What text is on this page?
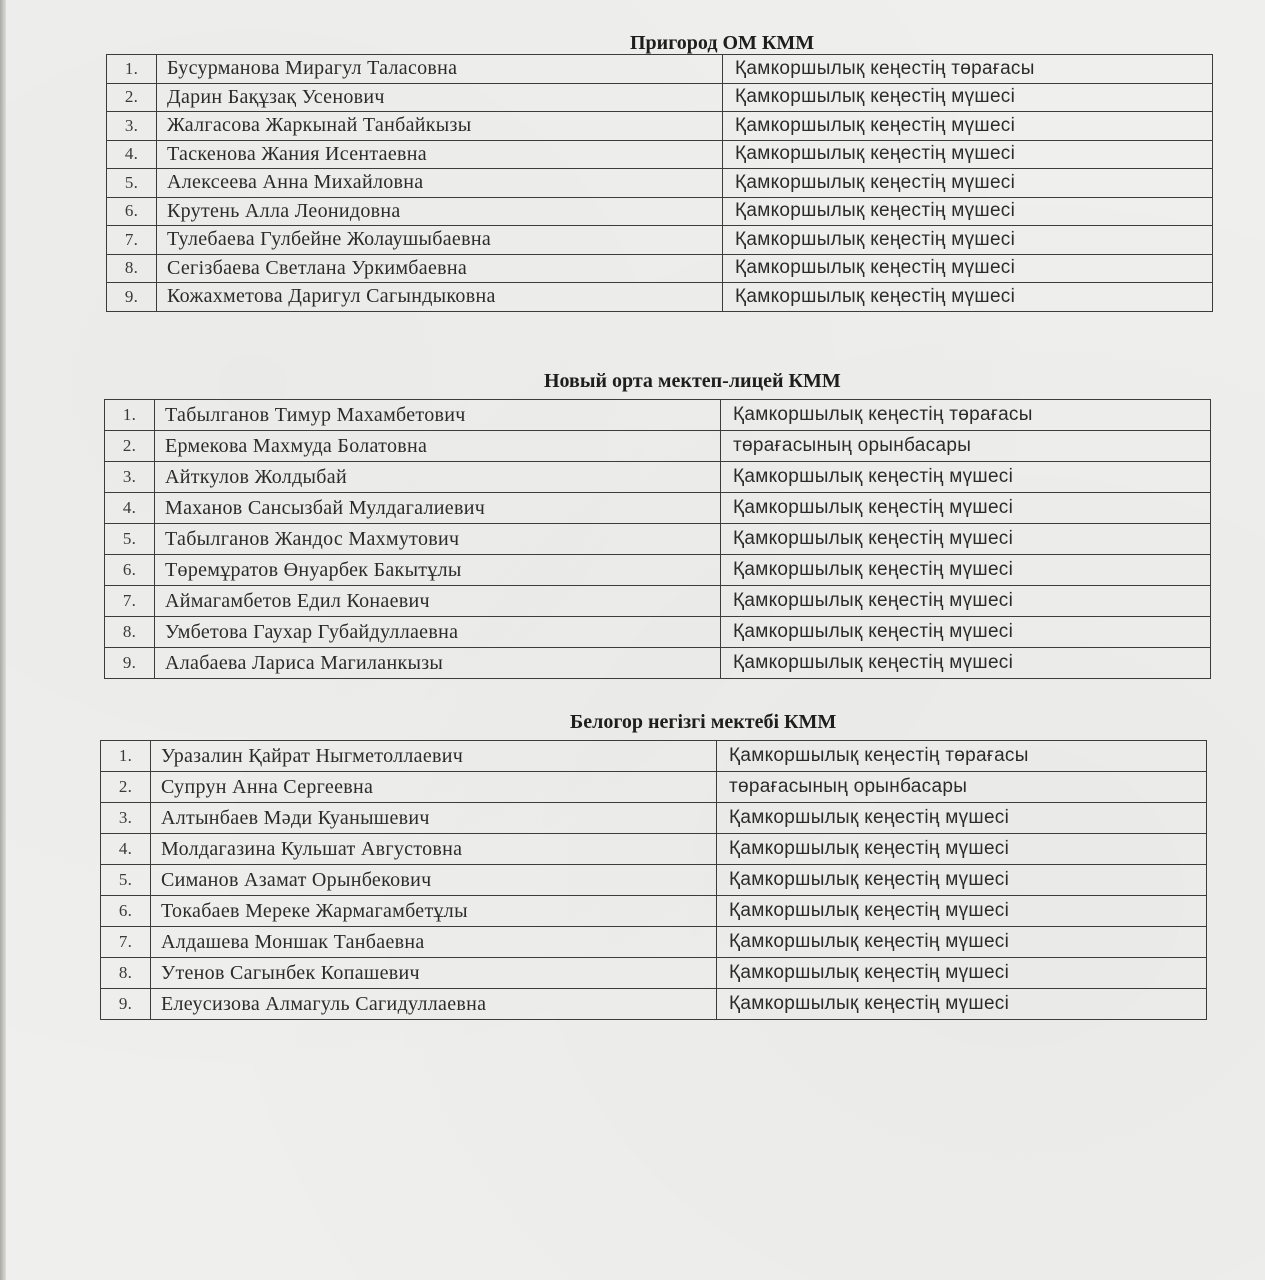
Пригород ОМ КММ
1.	Бусурманова Мирагул Таласовна	Қамкоршылық кеңестің төрағасы
2.	Дарин Бақұзақ Усенович	Қамкоршылық кеңестің мүшесі
3.	Жалгасова Жаркынай Танбайкызы	Қамкоршылық кеңестің мүшесі
4.	Таскенова Жания Исентаевна	Қамкоршылық кеңестің мүшесі
5.	Алексеева Анна Михайловна	Қамкоршылық кеңестің мүшесі
6.	Крутень Алла Леонидовна	Қамкоршылық кеңестің мүшесі
7.	Тулебаева Гулбейне Жолаушыбаевна	Қамкоршылық кеңестің мүшесі
8.	Сегізбаева Светлана Уркимбаевна	Қамкоршылық кеңестің мүшесі
9.	Кожахметова Даригул Сагындыковна	Қамкоршылық кеңестің мүшесі
Новый орта мектеп-лицей КММ
1.	Табылганов Тимур Махамбетович	Қамкоршылық кеңестің төрағасы
2.	Ермекова Махмуда Болатовна	төрағасының орынбасары
3.	Айткулов Жолдыбай	Қамкоршылық кеңестің мүшесі
4.	Маханов Сансызбай Мулдагалиевич	Қамкоршылық кеңестің мүшесі
5.	Табылганов Жандос Махмутович	Қамкоршылық кеңестің мүшесі
6.	Төремұратов Өнуарбек Бакытұлы	Қамкоршылық кеңестің мүшесі
7.	Аймагамбетов Едил Конаевич	Қамкоршылық кеңестің мүшесі
8.	Умбетова Гаухар Губайдуллаевна	Қамкоршылық кеңестің мүшесі
9.	Алабаева Лариса Магиланкызы	Қамкоршылық кеңестің мүшесі
Белогор негізгі мектебі КММ
1.	Уразалин Қайрат Ныгметоллаевич	Қамкоршылық кеңестің төрағасы
2.	Супрун Анна Сергеевна	төрағасының орынбасары
3.	Алтынбаев Мәди Куанышевич	Қамкоршылық кеңестің мүшесі
4.	Молдагазина Кульшат Августовна	Қамкоршылық кеңестің мүшесі
5.	Симанов Азамат Орынбекович	Қамкоршылық кеңестің мүшесі
6.	Токабаев Мереке Жармагамбетұлы	Қамкоршылық кеңестің мүшесі
7.	Алдашева Моншак Танбаевна	Қамкоршылық кеңестің мүшесі
8.	Утенов Сагынбек Копашевич	Қамкоршылық кеңестің мүшесі
9.	Елеусизова Алмагуль Сагидуллаевна	Қамкоршылық кеңестің мүшесі
